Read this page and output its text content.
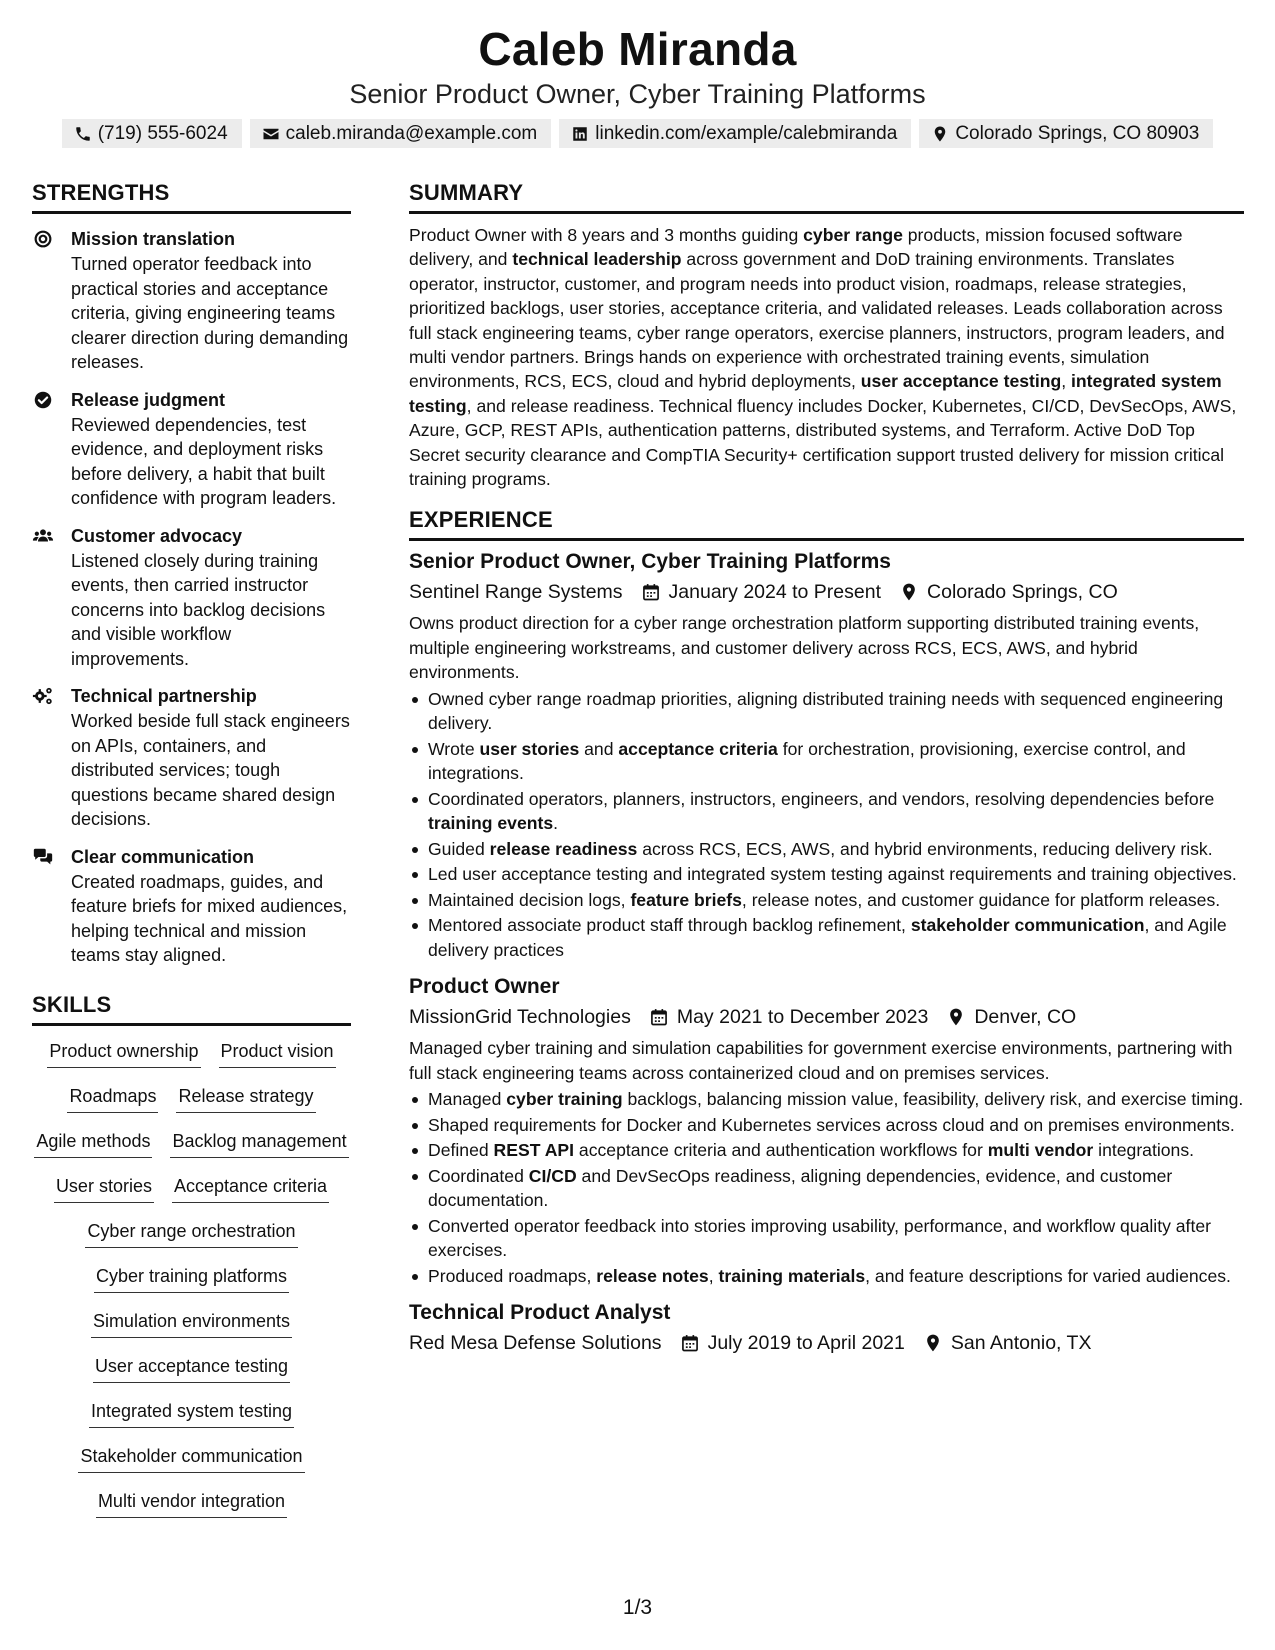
Caleb Miranda
Senior Product Owner, Cyber Training Platforms
(719) 555-6024	caleb.miranda@example.com	linkedin.com/example/calebmiranda	Colorado Springs, CO 80903
STRENGTHS
Mission translation
Turned operator feedback into practical stories and acceptance criteria, giving engineering teams clearer direction during demanding releases.
Release judgment
Reviewed dependencies, test evidence, and deployment risks before delivery, a habit that built confidence with program leaders.
Customer advocacy
Listened closely during training events, then carried instructor concerns into backlog decisions and visible workflow improvements.
Technical partnership
Worked beside full stack engineers on APIs, containers, and distributed services; tough questions became shared design decisions.
Clear communication
Created roadmaps, guides, and feature briefs for mixed audiences, helping technical and mission teams stay aligned.
SKILLS
Product ownership Product vision
Roadmaps Release strategy
Agile methods Backlog management
User stories Acceptance criteria
Cyber range orchestration
Cyber training platforms
Simulation environments
User acceptance testing
Integrated system testing
Stakeholder communication
Multi vendor integration
SUMMARY
Product Owner with 8 years and 3 months guiding cyber range products, mission focused software delivery, and technical leadership across government and DoD training environments. Translates operator, instructor, customer, and program needs into product vision, roadmaps, release strategies, prioritized backlogs, user stories, acceptance criteria, and validated releases. Leads collaboration across full stack engineering teams, cyber range operators, exercise planners, instructors, program leaders, and multi vendor partners. Brings hands on experience with orchestrated training events, simulation environments, RCS, ECS, cloud and hybrid deployments, user acceptance testing, integrated system testing, and release readiness. Technical fluency includes Docker, Kubernetes, CI/CD, DevSecOps, AWS, Azure, GCP, REST APIs, authentication patterns, distributed systems, and Terraform. Active DoD Top Secret security clearance and CompTIA Security+ certification support trusted delivery for mission critical training programs.
EXPERIENCE
Senior Product Owner, Cyber Training Platforms
Sentinel Range Systems January 2024 to Present Colorado Springs, CO
Owns product direction for a cyber range orchestration platform supporting distributed training events, multiple engineering workstreams, and customer delivery across RCS, ECS, AWS, and hybrid environments.
Owned cyber range roadmap priorities, aligning distributed training needs with sequenced engineering delivery.
Wrote user stories and acceptance criteria for orchestration, provisioning, exercise control, and integrations.
Coordinated operators, planners, instructors, engineers, and vendors, resolving dependencies before training events.
Guided release readiness across RCS, ECS, AWS, and hybrid environments, reducing delivery risk.
Led user acceptance testing and integrated system testing against requirements and training objectives.
Maintained decision logs, feature briefs, release notes, and customer guidance for platform releases.
Mentored associate product staff through backlog refinement, stakeholder communication, and Agile delivery practices
Product Owner
MissionGrid Technologies May 2021 to December 2023 Denver, CO
Managed cyber training and simulation capabilities for government exercise environments, partnering with full stack engineering teams across containerized cloud and on premises services.
Managed cyber training backlogs, balancing mission value, feasibility, delivery risk, and exercise timing.
Shaped requirements for Docker and Kubernetes services across cloud and on premises environments.
Defined REST API acceptance criteria and authentication workflows for multi vendor integrations.
Coordinated CI/CD and DevSecOps readiness, aligning dependencies, evidence, and customer documentation.
Converted operator feedback into stories improving usability, performance, and workflow quality after exercises.
Produced roadmaps, release notes, training materials, and feature descriptions for varied audiences.
Technical Product Analyst
Red Mesa Defense Solutions July 2019 to April 2021 San Antonio, TX
1/3
